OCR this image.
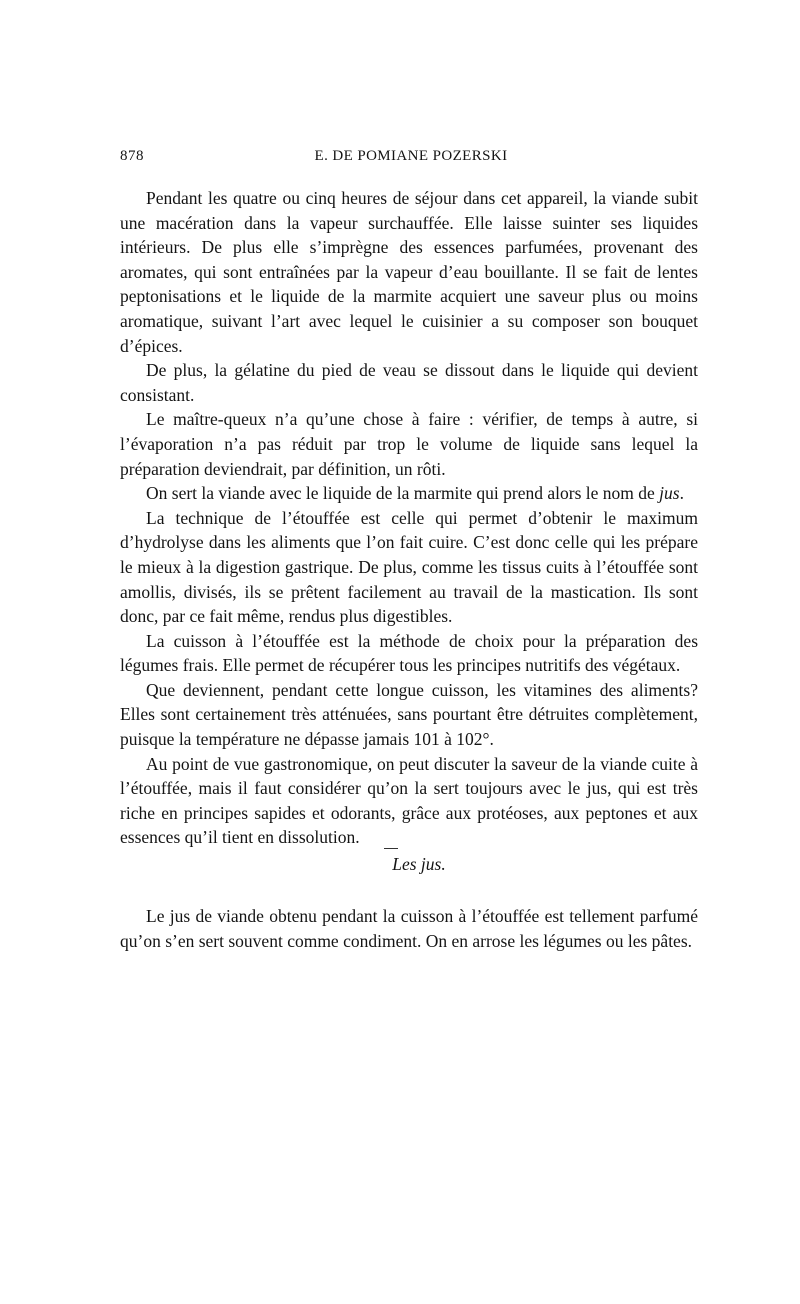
878	E. DE POMIANE POZERSKI

Pendant les quatre ou cinq heures de séjour dans cet appareil, la viande subit une macération dans la vapeur surchauffée. Elle laisse suinter ses liquides intérieurs. De plus elle s’imprègne des essences parfumées, provenant des aromates, qui sont entraînées par la vapeur d’eau bouillante. Il se fait de lentes peptonisations et le liquide de la marmite acquiert une saveur plus ou moins aromatique, suivant l’art avec lequel le cuisinier a su composer son bouquet d’épices.

De plus, la gélatine du pied de veau se dissout dans le liquide qui devient consistant.

Le maître-queux n’a qu’une chose à faire : vérifier, de temps à autre, si l’évaporation n’a pas réduit par trop le volume de liquide sans lequel la préparation deviendrait, par définition, un rôti.

On sert la viande avec le liquide de la marmite qui prend alors le nom de jus.

La technique de l’étouffée est celle qui permet d’obtenir le maximum d’hydrolyse dans les aliments que l’on fait cuire. C’est donc celle qui les prépare le mieux à la digestion gastrique. De plus, comme les tissus cuits à l’étouffée sont amollis, divisés, ils se prêtent facilement au travail de la mastication. Ils sont donc, par ce fait même, rendus plus digestibles.

La cuisson à l’étouffée est la méthode de choix pour la préparation des légumes frais. Elle permet de récupérer tous les principes nutritifs des végétaux.

Que deviennent, pendant cette longue cuisson, les vitamines des aliments? Elles sont certainement très atténuées, sans pourtant être détruites complètement, puisque la température ne dépasse jamais 101 à 102°.

Au point de vue gastronomique, on peut discuter la saveur de la viande cuite à l’étouffée, mais il faut considérer qu’on la sert toujours avec le jus, qui est très riche en principes sapides et odorants, grâce aux protéoses, aux peptones et aux essences qu’il tient en dissolution.

Les jus.

Le jus de viande obtenu pendant la cuisson à l’étouffée est tellement parfumé qu’on s’en sert souvent comme condiment. On en arrose les légumes ou les pâtes.
